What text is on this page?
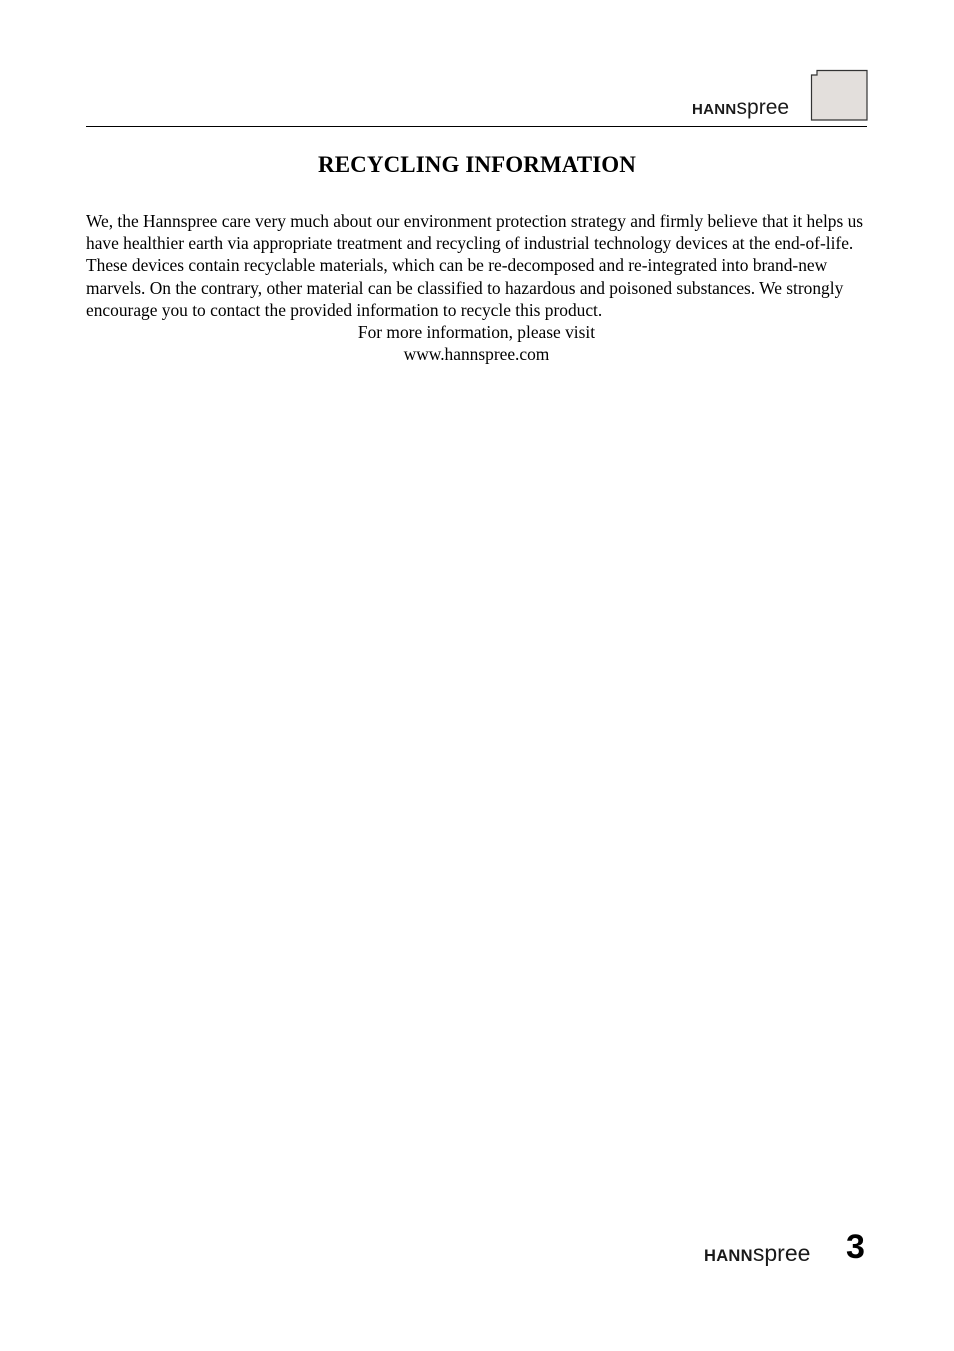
HANNspree
RECYCLING INFORMATION

We, the Hannspree care very much about our environment protection strategy and firmly believe that it helps us have healthier earth via appropriate treatment and recycling of industrial technology devices at the end-of-life.

These devices contain recyclable materials, which can be re-decomposed and re-integrated into brand-new marvels. On the contrary, other material can be classified to hazardous and poisoned substances. We strongly encourage you to contact the provided information to recycle this product.

For more information, please visit

www.hannspree.com

HANNspree 3
